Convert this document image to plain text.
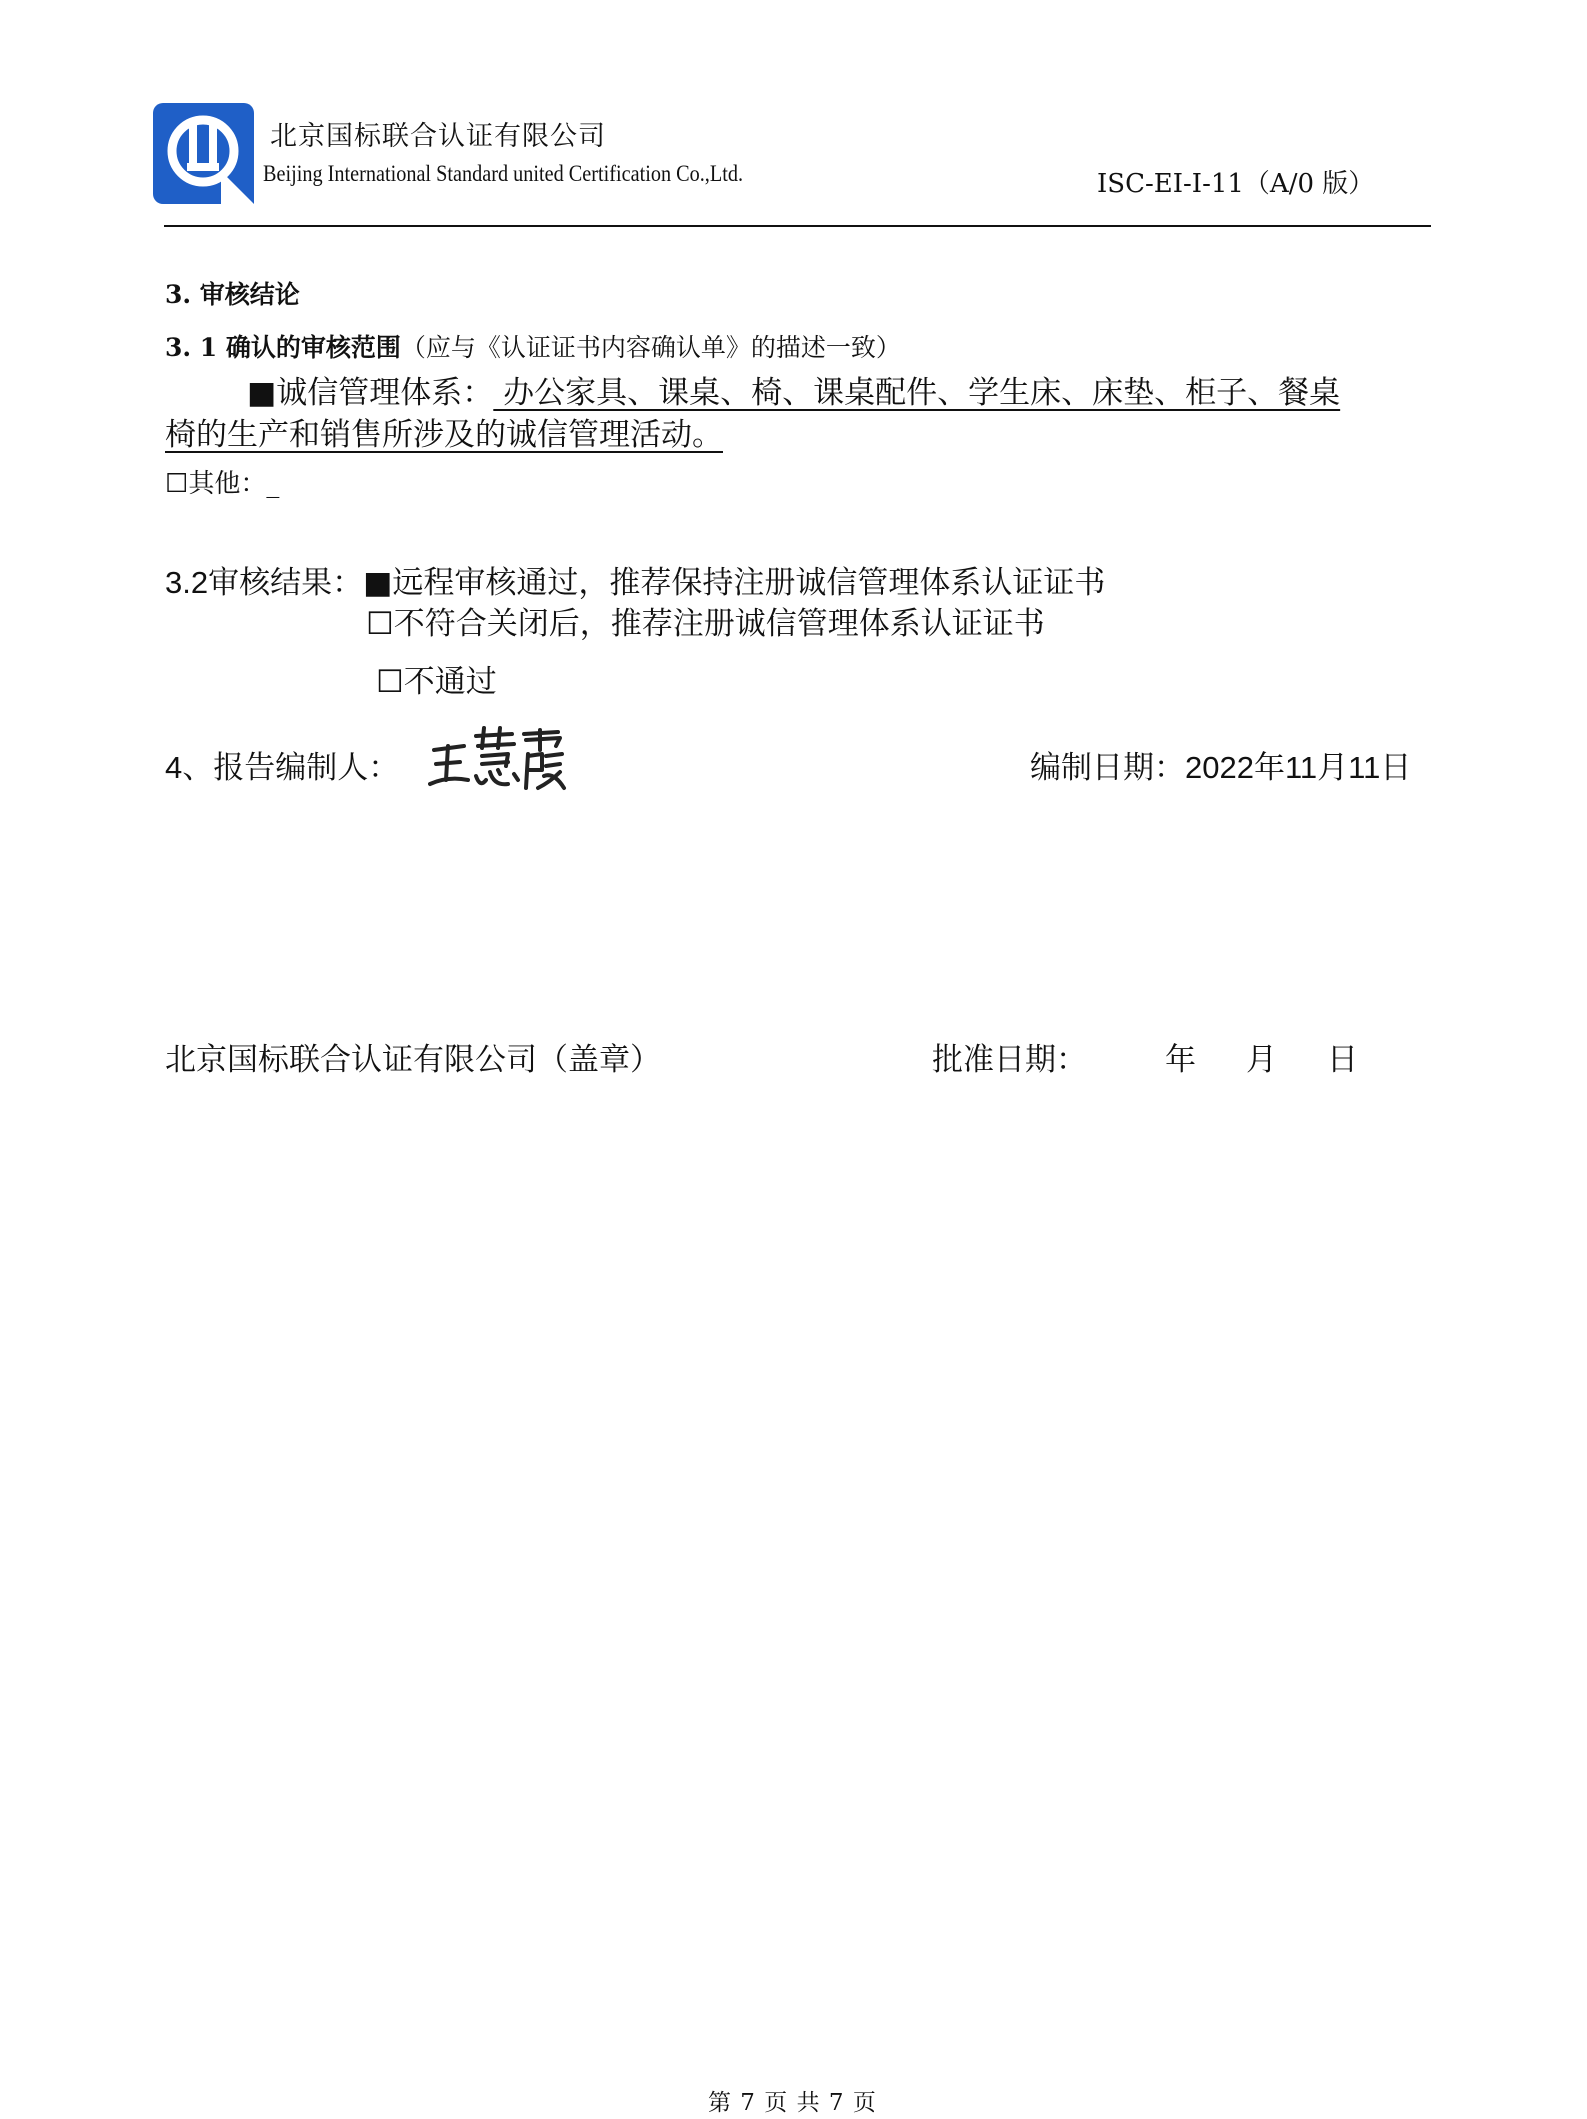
北京国标联合认证有限公司
Beijing International Standard united Certification Co.,Ltd.	ISC-EI-I-11（A/0 版）
3. 审核结论
3. 1 确认的审核范围（应与《认证证书内容确认单》的描述一致）
■诚信管理体系： 办公家具、课桌、椅、课桌配件、学生床、床垫、柜子、餐桌
椅的生产和销售所涉及的诚信管理活动。
☐其他：_
3.2审核结果：■远程审核通过，推荐保持注册诚信管理体系认证证书
☐不符合关闭后，推荐注册诚信管理体系认证证书
☐不通过
4、报告编制人：	编制日期：2022年11月11日
北京国标联合认证有限公司（盖章）	批准日期：	年 月 日
第 7 页 共 7 页
